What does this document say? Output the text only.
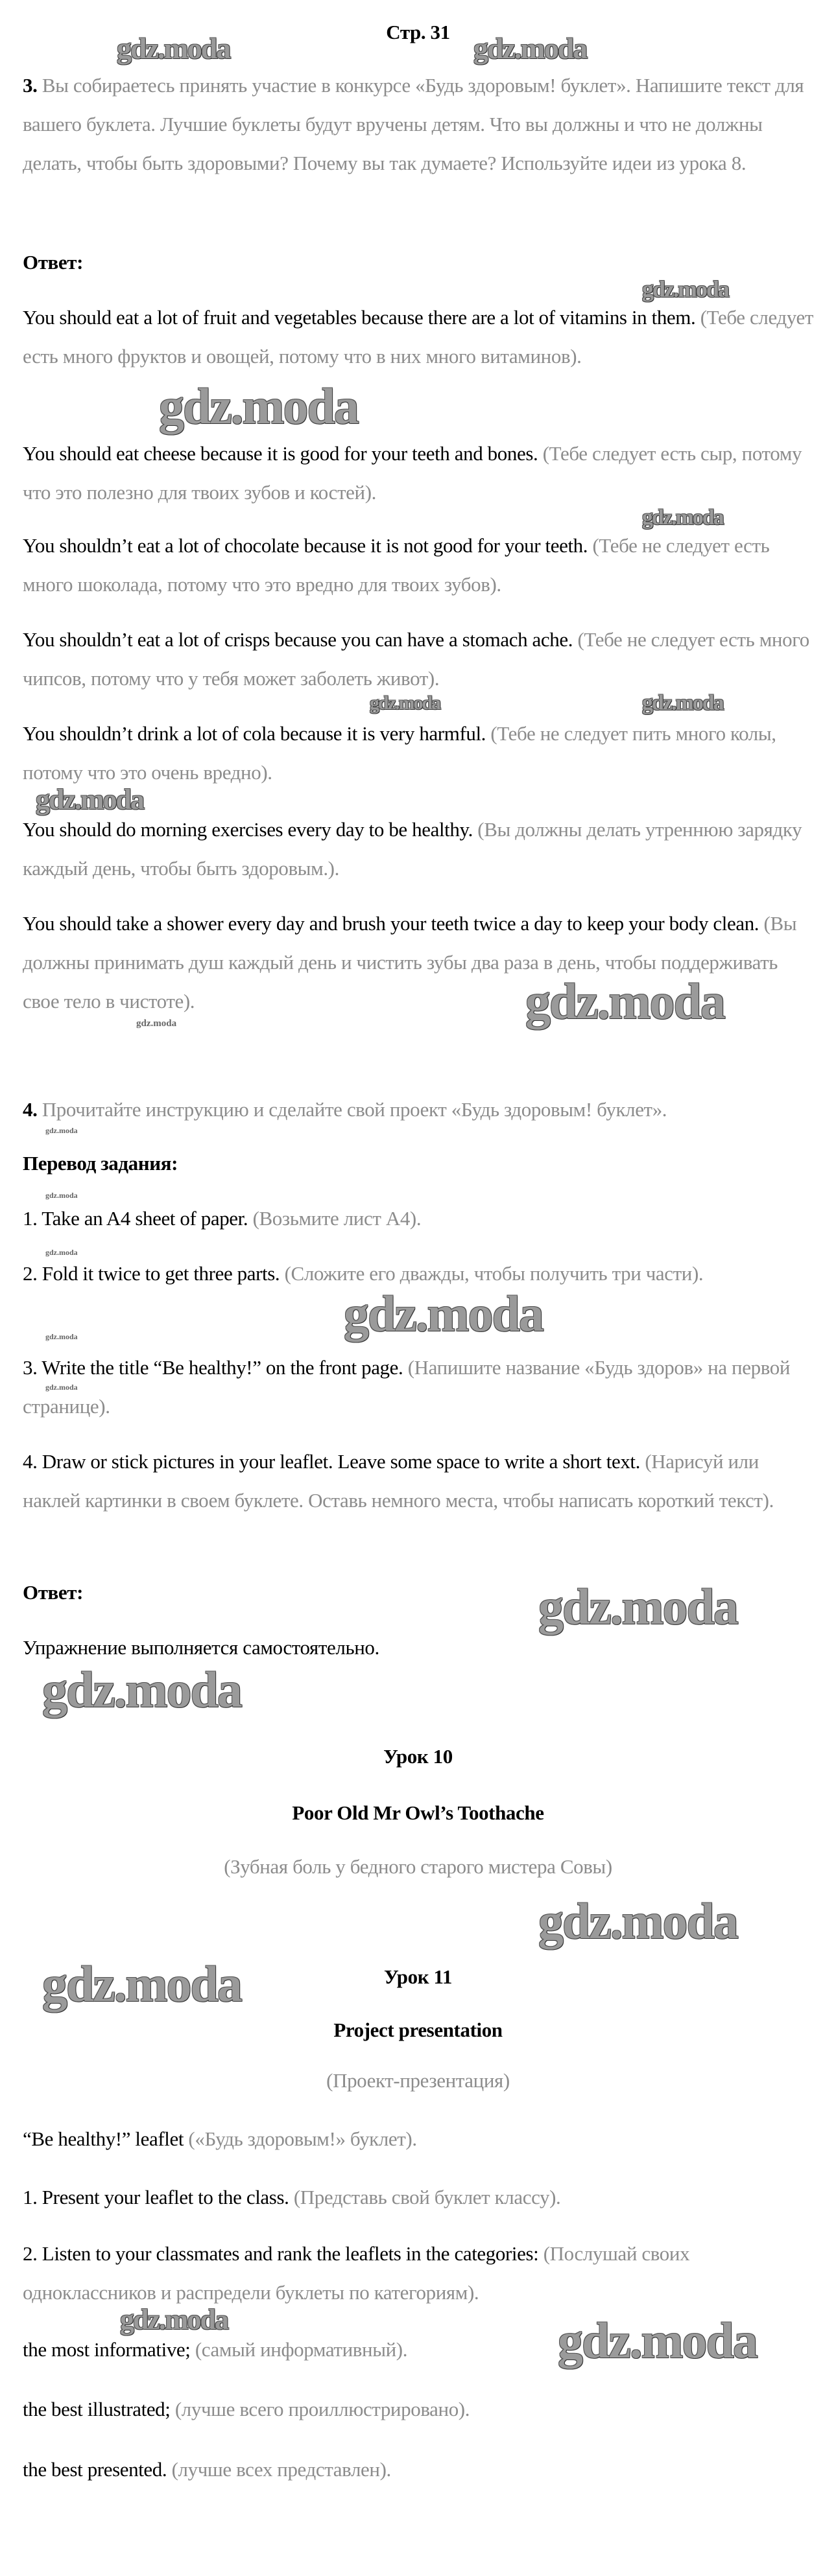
Стр. 31
3. Вы собираетесь принять участие в конкурсе «Будь здоровым! буклет». Напишите текст для вашего буклета. Лучшие буклеты будут вручены детям. Что вы должны и что не должны делать, чтобы быть здоровыми? Почему вы так думаете? Используйте идеи из урока 8.
Ответ:
You should eat a lot of fruit and vegetables because there are a lot of vitamins in them. (Тебе следует есть много фруктов и овощей, потому что в них много витаминов).
You should eat cheese because it is good for your teeth and bones. (Тебе следует есть сыр, потому что это полезно для твоих зубов и костей).
You shouldn’t eat a lot of chocolate because it is not good for your teeth. (Тебе не следует есть много шоколада, потому что это вредно для твоих зубов).
You shouldn’t eat a lot of crisps because you can have a stomach ache. (Тебе не следует есть много чипсов, потому что у тебя может заболеть живот).
You shouldn’t drink a lot of cola because it is very harmful. (Тебе не следует пить много колы, потому что это очень вредно).
You should do morning exercises every day to be healthy. (Вы должны делать утреннюю зарядку каждый день, чтобы быть здоровым.).
You should take a shower every day and brush your teeth twice a day to keep your body clean. (Вы должны принимать душ каждый день и чистить зубы два раза в день, чтобы поддерживать свое тело в чистоте).
4. Прочитайте инструкцию и сделайте свой проект «Будь здоровым! буклет».
Перевод задания:
1. Take an A4 sheet of paper. (Возьмите лист А4).
2. Fold it twice to get three parts. (Сложите его дважды, чтобы получить три части).
3. Write the title “Be healthy!” on the front page. (Напишите название «Будь здоров» на первой странице).
4. Draw or stick pictures in your leaflet. Leave some space to write a short text. (Нарисуй или наклей картинки в своем буклете. Оставь немного места, чтобы написать короткий текст).
Ответ:
Упражнение выполняется самостоятельно.
Урок 10
Poor Old Mr Owl’s Toothache
(Зубная боль у бедного старого мистера Совы)
Урок 11
Project presentation
(Проект-презентация)
“Be healthy!” leaflet («Будь здоровым!» буклет).
1. Present your leaflet to the class. (Представь свой буклет классу).
2. Listen to your classmates and rank the leaflets in the categories: (Послушай своих одноклассников и распредели буклеты по категориям).
the most informative; (самый информативный).
the best illustrated; (лучше всего проиллюстрировано).
the best presented. (лучше всех представлен).
gdz.moda	gdz.moda
gdz.moda
gdz.moda
gdz.moda
gdz.moda	gdz.moda
gdz.moda
gdz.moda
gdz.moda
gdz.moda
gdz.moda
gdz.moda
gdz.moda
gdz.moda
gdz.moda
gdz.moda
gdz.moda
gdz.moda
gdz.moda
gdz.moda	gdz.moda
